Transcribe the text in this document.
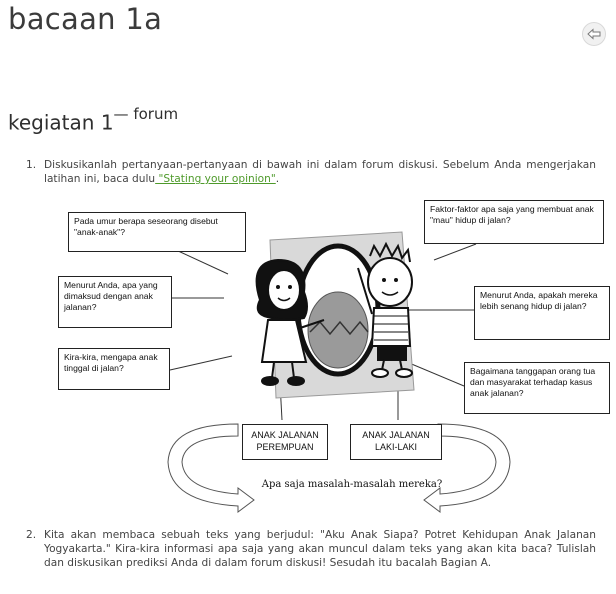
bacaan 1a
kegiatan $1^{— forum}$
1. Diskusikanlah pertanyaan-pertanyaan di bawah ini dalam forum diskusi. Sebelum Anda mengerjakan latihan ini, baca dulu "Stating your opinion".
Pada umur berapa seseorang disebut "anak-anak"?
Menurut Anda, apa yang dimaksud dengan anak jalanan?
Kira-kira, mengapa anak tinggal di jalan?
Faktor-faktor apa saja yang membuat anak "mau" hidup di jalan?
Menurut Anda, apakah mereka lebih senang hidup di jalan?
Bagaimana tanggapan orang tua dan masyarakat terhadap kasus anak jalanan?
ANAK JALANAN PEREMPUAN
ANAK JALANAN LAKI-LAKI
Apa saja masalah-masalah mereka?
2. Kita akan membaca sebuah teks yang berjudul: "Aku Anak Siapa? Potret Kehidupan Anak Jalanan Yogyakarta." Kira-kira informasi apa saja yang akan muncul dalam teks yang akan kita baca? Tulislah dan diskusikan prediksi Anda di dalam forum diskusi! Sesudah itu bacalah Bagian A.
